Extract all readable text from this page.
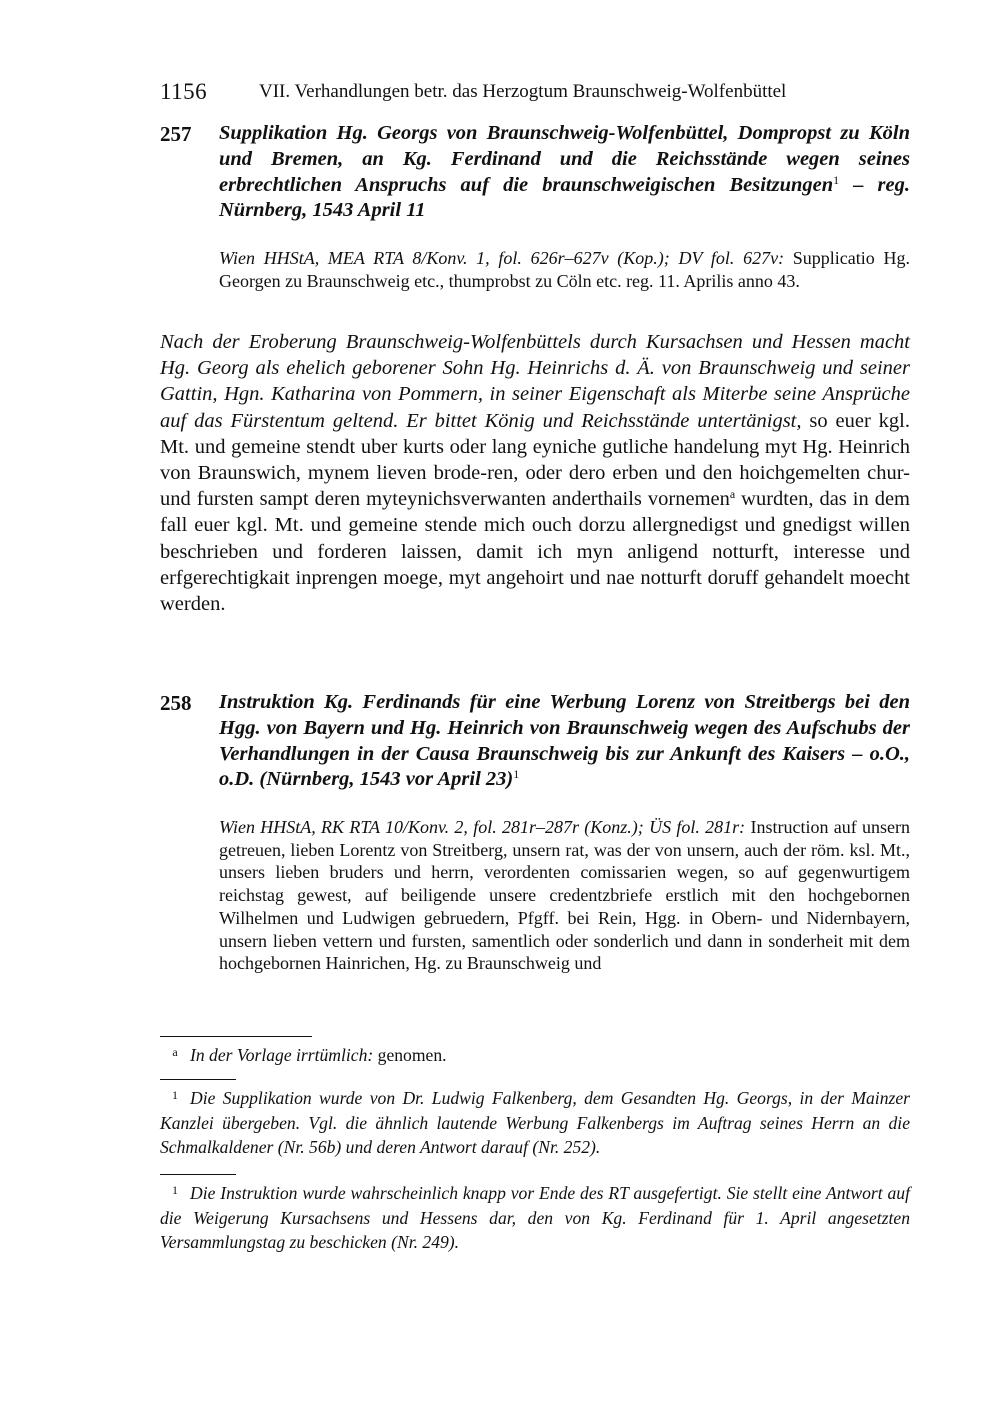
1156	VII. Verhandlungen betr. das Herzogtum Braunschweig-Wolfenbüttel
257 Supplikation Hg. Georgs von Braunschweig-Wolfenbüttel, Dompropst zu Köln und Bremen, an Kg. Ferdinand und die Reichsstände wegen seines erbrechtlichen Anspruchs auf die braunschweigischen Besitzungen$^1$ – reg. Nürnberg, 1543 April 11

Wien HHStA, MEA RTA 8/Konv. 1, fol. 626r–627v (Kop.); DV fol. 627v: Supplicatio Hg. Georgen zu Braunschweig etc., thumprobst zu Cöln etc. reg. 11. Aprilis anno 43.

Nach der Eroberung Braunschweig-Wolfenbüttels durch Kursachsen und Hessen macht Hg. Georg als ehelich geborener Sohn Hg. Heinrichs d. Ä. von Braunschweig und seiner Gattin, Hgn. Katharina von Pommern, in seiner Eigenschaft als Miterbe seine Ansprüche auf das Fürstentum geltend. Er bittet König und Reichsstände untertänigst, so euer kgl. Mt. und gemeine stendt uber kurts oder lang eyniche gutliche handelung myt Hg. Heinrich von Braunswich, mynem lieven brode-ren, oder dero erben und den hoichgemelten chur- und fursten sampt deren myteynichsverwanten anderthails vornemen$^a$ wurdten, das in dem fall euer kgl. Mt. und gemeine stende mich ouch dorzu allergnedigst und gnedigst willen beschrieben und forderen laissen, damit ich myn anligend notturft, interesse und erfgerechtigkait inprengen moege, myt angehoirt und nae notturft doruff gehandelt moecht werden.

258 Instruktion Kg. Ferdinands für eine Werbung Lorenz von Streitbergs bei den Hgg. von Bayern und Hg. Heinrich von Braunschweig wegen des Aufschubs der Verhandlungen in der Causa Braunschweig bis zur Ankunft des Kaisers – o.O., o.D. (Nürnberg, 1543 vor April 23)$^1$

Wien HHStA, RK RTA 10/Konv. 2, fol. 281r–287r (Konz.); ÜS fol. 281r: Instruction auf unsern getreuen, lieben Lorentz von Streitberg, unsern rat, was der von unsern, auch der röm. ksl. Mt., unsers lieben bruders und herrn, verordenten comissarien wegen, so auf gegenwurtigem reichstag gewest, auf beiligende unsere credentzbriefe erstlich mit den hochgebornen Wilhelmen und Ludwigen gebruedern, Pfgff. bei Rein, Hgg. in Obern- und Nidernbayern, unsern lieben vettern und fursten, samentlich oder sonderlich und dann in sonderheit mit dem hochgebornen Hainrichen, Hg. zu Braunschweig und

a In der Vorlage irrtümlich: genomen.

1 Die Supplikation wurde von Dr. Ludwig Falkenberg, dem Gesandten Hg. Georgs, in der Mainzer Kanzlei übergeben. Vgl. die ähnlich lautende Werbung Falkenbergs im Auftrag seines Herrn an die Schmalkaldener (Nr. 56b) und deren Antwort darauf (Nr. 252).

1 Die Instruktion wurde wahrscheinlich knapp vor Ende des RT ausgefertigt. Sie stellt eine Antwort auf die Weigerung Kursachsens und Hessens dar, den von Kg. Ferdinand für 1. April angesetzten Versammlungstag zu beschicken (Nr. 249).
